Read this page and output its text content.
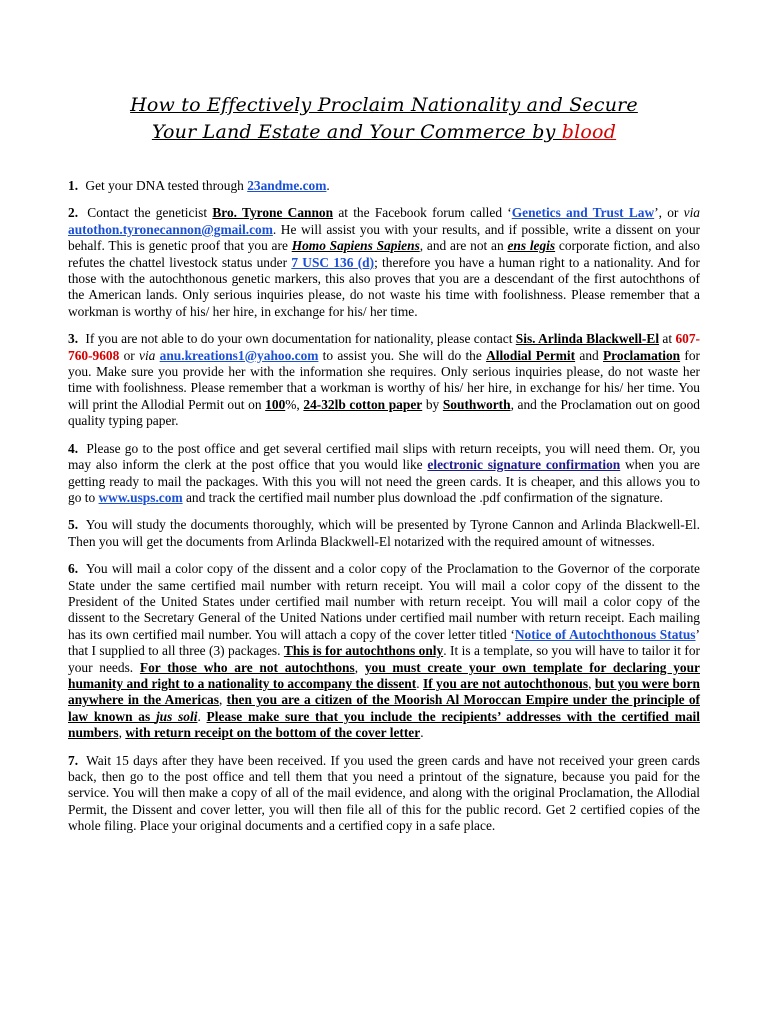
How to Effectively Proclaim Nationality and Secure
Your Land Estate and Your Commerce by blood

1. Get your DNA tested through 23andme.com.

2. Contact the geneticist Bro. Tyrone Cannon at the Facebook forum called ‘Genetics and Trust Law’, or via autothon.tyronecannon@gmail.com. He will assist you with your results, and if possible, write a dissent on your behalf. This is genetic proof that you are Homo Sapiens Sapiens, and are not an ens legis corporate fiction, and also refutes the chattel livestock status under 7 USC 136 (d); therefore you have a human right to a nationality. And for those with the autochthonous genetic markers, this also proves that you are a descendant of the first autochthons of the American lands. Only serious inquiries please, do not waste his time with foolishness. Please remember that a workman is worthy of his/ her hire, in exchange for his/ her time.

3. If you are not able to do your own documentation for nationality, please contact Sis. Arlinda Blackwell-El at 607-760-9608 or via anu.kreations1@yahoo.com to assist you. She will do the Allodial Permit and Proclamation for you. Make sure you provide her with the information she requires. Only serious inquiries please, do not waste her time with foolishness. Please remember that a workman is worthy of his/ her hire, in exchange for his/ her time. You will print the Allodial Permit out on 100%, 24-32lb cotton paper by Southworth, and the Proclamation out on good quality typing paper.

4. Please go to the post office and get several certified mail slips with return receipts, you will need them. Or, you may also inform the clerk at the post office that you would like electronic signature confirmation when you are getting ready to mail the packages. With this you will not need the green cards. It is cheaper, and this allows you to go to www.usps.com and track the certified mail number plus download the .pdf confirmation of the signature.

5. You will study the documents thoroughly, which will be presented by Tyrone Cannon and Arlinda Blackwell-El. Then you will get the documents from Arlinda Blackwell-El notarized with the required amount of witnesses.

6. You will mail a color copy of the dissent and a color copy of the Proclamation to the Governor of the corporate State under the same certified mail number with return receipt. You will mail a color copy of the dissent to the President of the United States under certified mail number with return receipt. You will mail a color copy of the dissent to the Secretary General of the United Nations under certified mail number with return receipt. Each mailing has its own certified mail number. You will attach a copy of the cover letter titled ‘Notice of Autochthonous Status’ that I supplied to all three (3) packages. This is for autochthons only. It is a template, so you will have to tailor it for your needs. For those who are not autochthons, you must create your own template for declaring your humanity and right to a nationality to accompany the dissent. If you are not autochthonous, but you were born anywhere in the Americas, then you are a citizen of the Moorish Al Moroccan Empire under the principle of law known as jus soli. Please make sure that you include the recipients’ addresses with the certified mail numbers, with return receipt on the bottom of the cover letter.

7. Wait 15 days after they have been received. If you used the green cards and have not received your green cards back, then go to the post office and tell them that you need a printout of the signature, because you paid for the service. You will then make a copy of all of the mail evidence, and along with the original Proclamation, the Allodial Permit, the Dissent and cover letter, you will then file all of this for the public record. Get 2 certified copies of the whole filing. Place your original documents and a certified copy in a safe place.
